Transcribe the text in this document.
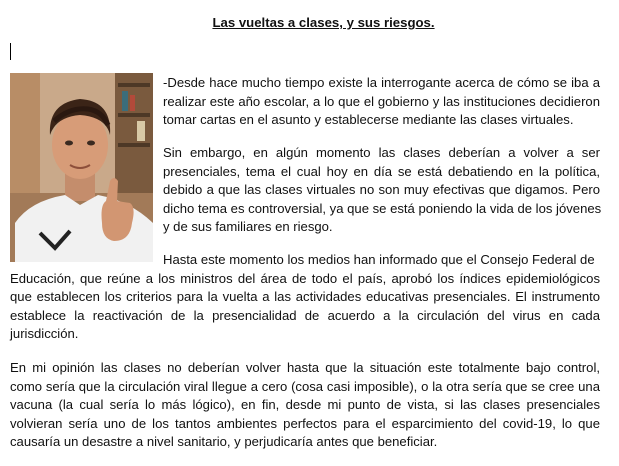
Las vueltas a clases, y sus riesgos.
-Desde hace mucho tiempo existe la interrogante acerca de cómo se iba a
realizar este año escolar, a lo que el gobierno y las instituciones decidieron
tomar cartas en el asunto y establecerse mediante las clases virtuales.
Sin embargo, en algún momento las clases deberían a volver a ser
presenciales, tema el cual hoy en día se está debatiendo en la política,
debido a que las clases virtuales no son muy efectivas que digamos. Pero
dicho tema es controversial, ya que se está poniendo la vida de los jóvenes
y de sus familiares en riesgo.
Hasta este momento los medios han informado que el Consejo Federal de
Educación, que reúne a los ministros del área de todo el país, aprobó los índices epidemiológicos
que establecen los criterios para la vuelta a las actividades educativas presenciales. El instrumento
establece la reactivación de la presencialidad de acuerdo a la circulación del virus en cada
jurisdicción.
En mi opinión las clases no deberían volver hasta que la situación este totalmente bajo control,
como sería que la circulación viral llegue a cero (cosa casi imposible), o la otra sería que se cree una
vacuna (la cual sería lo más lógico), en fin, desde mi punto de vista, si las clases presenciales
volvieran sería uno de los tantos ambientes perfectos para el esparcimiento del covid-19, lo que
causaría un desastre a nivel sanitario, y perjudicaría antes que beneficiar.
